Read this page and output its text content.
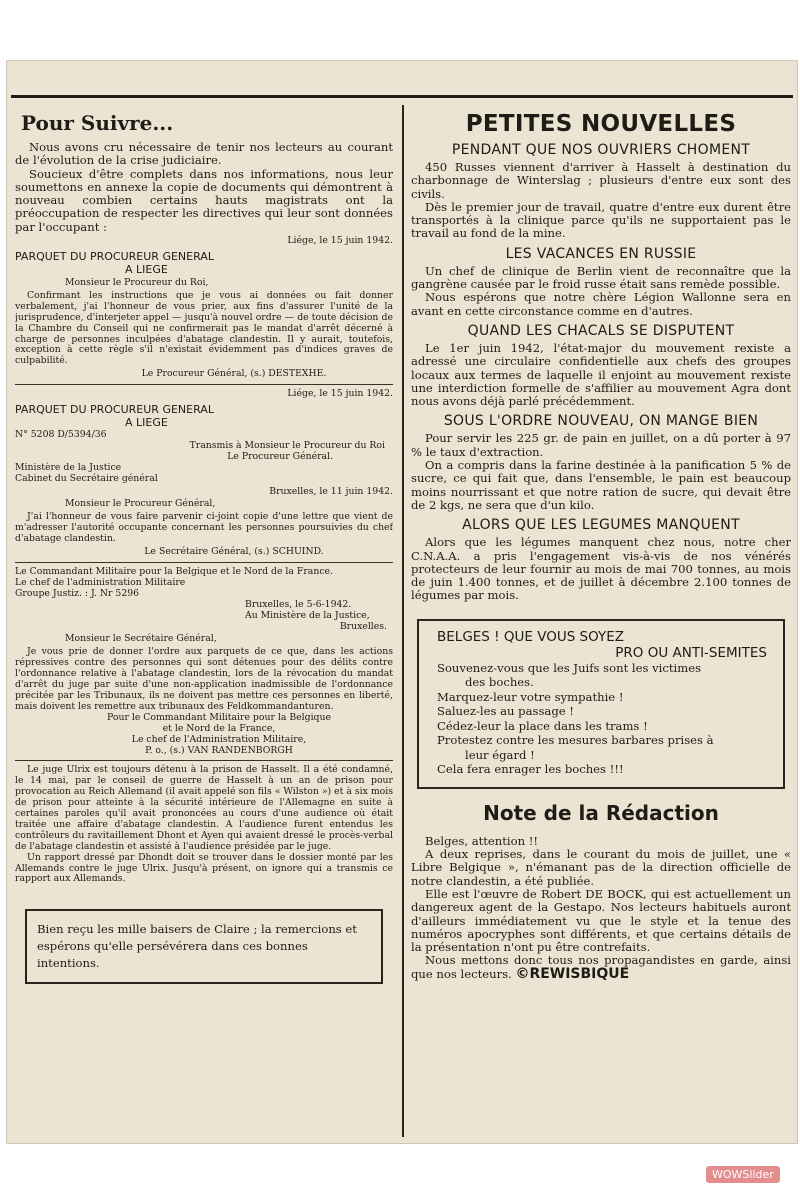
Pour Suivre...

Nous avons cru nécessaire de tenir nos lecteurs au courant de l'évolution de la crise judiciaire.

Soucieux d'être complets dans nos informations, nous leur soumettons en annexe la copie de documents qui démontrent à nouveau combien certains hauts magistrats ont la préoccupation de respecter les directives qui leur sont données par l'occupant :

Liége, le 15 juin 1942.
PARQUET DU PROCUREUR GENERAL
A LIEGE
Monsieur le Procureur du Roi,

Confirmant les instructions que je vous ai données ou fait donner verbalement, j'ai l'honneur de vous prier, aux fins d'assurer l'unité de la jurisprudence, d'interjeter appel — jusqu'à nouvel ordre — de toute décision de la Chambre du Conseil qui ne confirmerait pas le mandat d'arrêt décerné à charge de personnes inculpées d'abatage clandestin. Il y aurait, toutefois, exception à cette règle s'il n'existait évidemment pas d'indices graves de culpabilité.

Le Procureur Général, (s.) DESTEXHE.
Liége, le 15 juin 1942.
PARQUET DU PROCUREUR GENERAL
A LIEGE
N° 5208 D/5394/36
Transmis à Monsieur le Procureur du Roi
Le Procureur Général.
Ministère de la Justice
Cabinet du Secrétaire général
Bruxelles, le 11 juin 1942.
Monsieur le Procureur Général,

J'ai l'honneur de vous faire parvenir ci-joint copie d'une lettre que vient de m'adresser l'autorité occupante concernant les personnes poursuivies du chef d'abatage clandestin.

Le Secrétaire Général, (s.) SCHUIND.
Le Commandant Militaire pour la Belgique et le Nord de la France.
Le chef de l'administration Militaire
Groupe Justiz. : J. Nr 5296
Bruxelles, le 5-6-1942.
Au Ministère de la Justice,
Bruxelles.
Monsieur le Secrétaire Général,

Je vous prie de donner l'ordre aux parquets de ce que, dans les actions répressives contre des personnes qui sont détenues pour des délits contre l'ordonnance relative à l'abatage clandestin, lors de la révocation du mandat d'arrêt du juge par suite d'une non-application inadmissible de l'ordonnance précitée par les Tribunaux, ils ne doivent pas mettre ces personnes en liberté, mais doivent les remettre aux tribunaux des Feldkommandanturen.

Pour le Commandant Militaire pour la Belgique
et le Nord de la France,
Le chef de l'Administration Militaire,
P. o., (s.) VAN RANDENBORGH

Le juge Ulrix est toujours détenu à la prison de Hasselt. Il a été condamné, le 14 mai, par le conseil de guerre de Hasselt à un an de prison pour provocation au Reich Allemand (il avait appelé son fils « Wilston ») et à six mois de prison pour atteinte à la sécurité intérieure de l'Allemagne en suite à certaines paroles qu'il avait prononcées au cours d'une audience où était traitée une affaire d'abatage clandestin. A l'audience furent entendus les contrôleurs du ravitaillement Dhont et Ayen qui avaient dressé le procès-verbal de l'abatage clandestin et assisté à l'audience présidée par le juge.

Un rapport dressé par Dhondt doit se trouver dans le dossier monté par les Allemands contre le juge Ulrix. Jusqu'à présent, on ignore qui a transmis ce rapport aux Allemands.

Bien reçu les mille baisers de Claire ; la remercions et espérons qu'elle persévérera dans ces bonnes intentions.
PETITES NOUVELLES
PENDANT QUE NOS OUVRIERS CHOMENT

450 Russes viennent d'arriver à Hasselt à destination du charbonnage de Winterslag ; plusieurs d'entre eux sont des civils.

Dès le premier jour de travail, quatre d'entre eux durent être transportés à la clinique parce qu'ils ne supportaient pas le travail au fond de la mine.

LES VACANCES EN RUSSIE

Un chef de clinique de Berlin vient de reconnaître que la gangrène causée par le froid russe était sans remède possible.

Nous espérons que notre chère Légion Wallonne sera en avant en cette circonstance comme en d'autres.

QUAND LES CHACALS SE DISPUTENT

Le 1er juin 1942, l'état-major du mouvement rexiste a adressé une circulaire confidentielle aux chefs des groupes locaux aux termes de laquelle il enjoint au mouvement rexiste une interdiction formelle de s'affilier au mouvement Agra dont nous avons déjà parlé précédemment.

SOUS L'ORDRE NOUVEAU, ON MANGE BIEN

Pour servir les 225 gr. de pain en juillet, on a dû porter à 97 % le taux d'extraction.

On a compris dans la farine destinée à la panification 5 % de sucre, ce qui fait que, dans l'ensemble, le pain est beaucoup moins nourrissant et que notre ration de sucre, qui devait être de 2 kgs, ne sera que d'un kilo.

ALORS QUE LES LEGUMES MANQUENT

Alors que les légumes manquent chez nous, notre cher C.N.A.A. a pris l'engagement vis-à-vis de nos vénérés protecteurs de leur fournir au mois de mai 700 tonnes, au mois de juin 1.400 tonnes, et de juillet à décembre 2.100 tonnes de légumes par mois.

BELGES ! QUE VOUS SOYEZ
PRO OU ANTI-SEMITES
Souvenez-vous que les Juifs sont les victimes
des boches.
Marquez-leur votre sympathie !
Saluez-les au passage !
Cédez-leur la place dans les trams !
Protestez contre les mesures barbares prises à
leur égard !
Cela fera enrager les boches !!!
Note de la Rédaction

Belges, attention !!

A deux reprises, dans le courant du mois de juillet, une « Libre Belgique », n'émanant pas de la direction officielle de notre clandestin, a été publiée.

Elle est l'œuvre de Robert DE BOCK, qui est actuellement un dangereux agent de la Gestapo. Nos lecteurs habituels auront d'ailleurs immédiatement vu que le style et la tenue des numéros apocryphes sont différents, et que certains détails de la présentation n'ont pu être contrefaits.

Nous mettons donc tous nos propagandistes en garde, ainsi que nos lecteurs. ©REWISBIQUE

WOWSlider
